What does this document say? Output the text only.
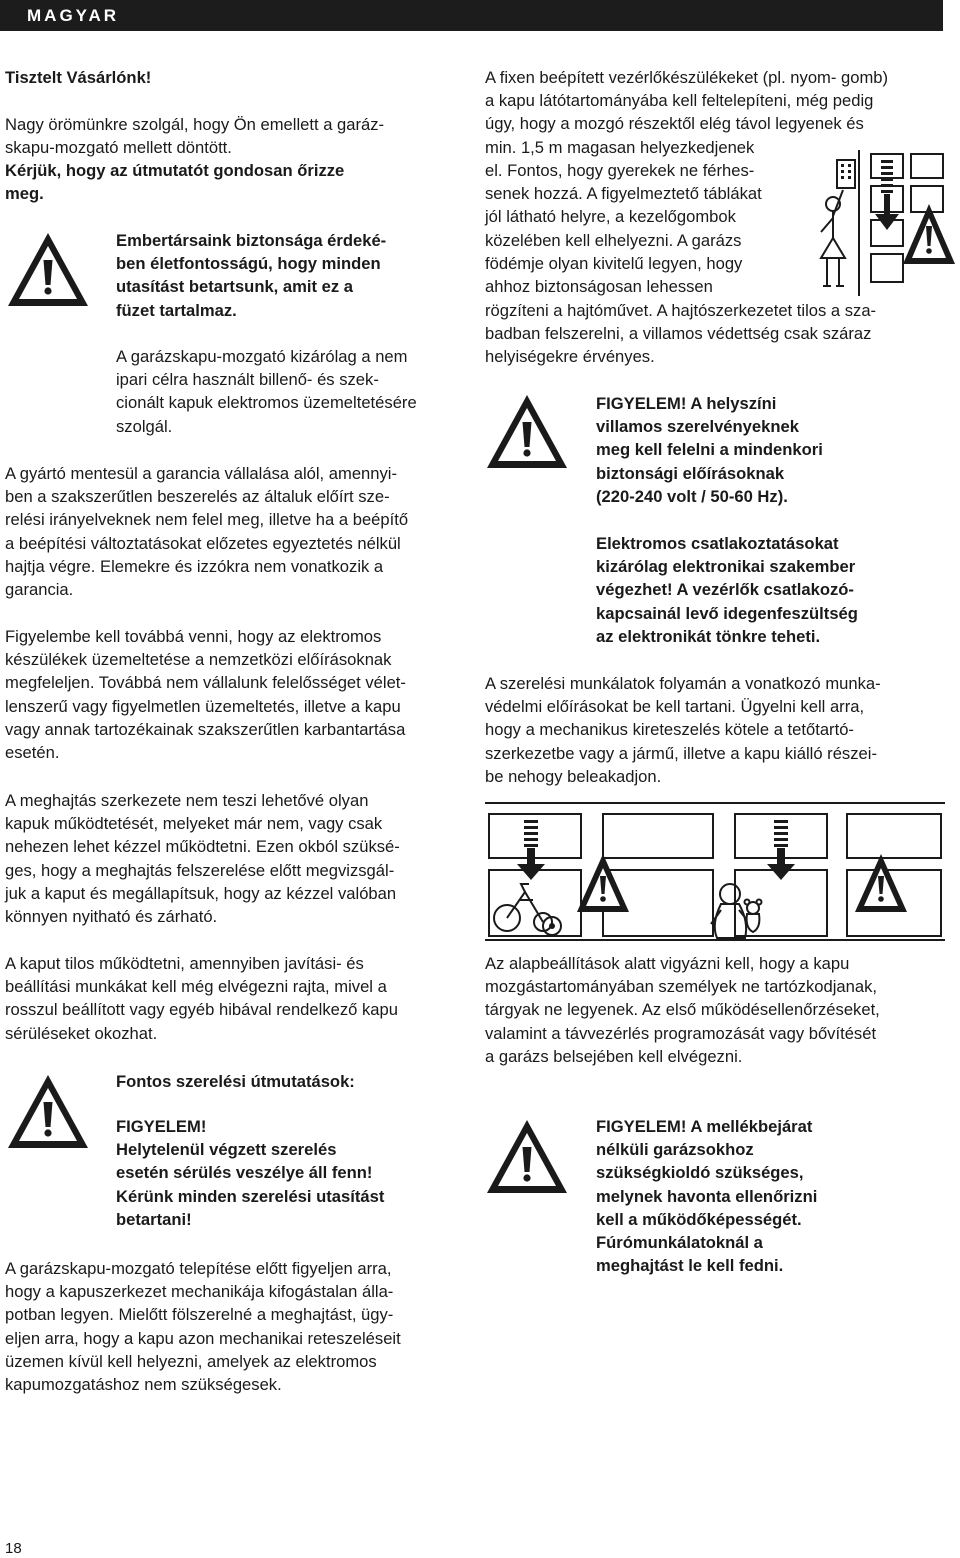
MAGYAR

Tisztelt Vásárlónk!

Nagy örömünkre szolgál, hogy Ön emellett a garáz-
skapu-mozgató mellett döntött.

Kérjük, hogy az útmutatót gondosan őrizze
meg.

Embertársaink biztonsága érdeké-
ben életfontosságú, hogy minden
utasítást betartsunk, amit ez a
füzet tartalmaz.

A garázskapu-mozgató kizárólag a nem
ipari célra használt billenő- és szek-
cionált kapuk elektromos üzemeltetésére
szolgál.

A gyártó mentesül a garancia vállalása alól, amennyi-
ben a szakszerűtlen beszerelés az általuk előírt sze-
relési irányelveknek nem felel meg, illetve ha a beépítő
a beépítési változtatásokat előzetes egyeztetés nélkül
hajtja végre. Elemekre és izzókra nem vonatkozik a
garancia.

Figyelembe kell továbbá venni, hogy az elektromos
készülékek üzemeltetése a nemzetközi előírásoknak
megfeleljen. Továbbá nem vállalunk felelősséget vélet-
lenszerű vagy figyelmetlen üzemeltetés, illetve a kapu
vagy annak tartozékainak szakszerűtlen karbantartása
esetén.

A meghajtás szerkezete nem teszi lehetővé olyan
kapuk működtetését, melyeket már nem, vagy csak
nehezen lehet kézzel működtetni. Ezen okból szüksé-
ges, hogy a meghajtás felszerelése előtt megvizsgál-
juk a kaput és megállapítsuk, hogy az kézzel valóban
könnyen nyitható és zárható.

A kaput tilos működtetni, amennyiben javítási- és
beállítási munkákat kell még elvégezni rajta, mivel a
rosszul beállított vagy egyéb hibával rendelkező kapu
sérüléseket okozhat.

Fontos szerelési útmutatások:

FIGYELEM!
Helytelenül végzett szerelés
esetén sérülés veszélye áll fenn!
Kérünk minden szerelési utasítást
betartani!

A garázskapu-mozgató telepítése előtt figyeljen arra,
hogy a kapuszerkezet mechanikája kifogástalan álla-
potban legyen. Mielőtt fölszerelné a meghajtást, ügy-
eljen arra, hogy a kapu azon mechanikai reteszeléseit
üzemen kívül kell helyezni, amelyek az elektromos
kapumozgatáshoz nem szükségesek.

A fixen beépített vezérlőkészülékeket (pl. nyom- gomb)
a kapu látótartományába kell feltelepíteni, még pedig
úgy, hogy a mozgó részektől elég távol legyenek és
min. 1,5 m magasan helyezkedjenek

el. Fontos, hogy gyerekek ne férhes-
senek hozzá. A figyelmeztető táblákat
jól látható helyre, a kezelőgombok
közelében kell elhelyezni. A garázs
födémje olyan kivitelű legyen, hogy
ahhoz biztonságosan lehessen

rögzíteni a hajtóművet. A hajtószerkezetet tilos a sza-
badban felszerelni, a villamos védettség csak száraz
helyiségekre érvényes.

FIGYELEM! A helyszíni
villamos szerelvényeknek
meg kell felelni a mindenkori
biztonsági előírásoknak
(220-240 volt / 50-60 Hz).

Elektromos csatlakoztatásokat
kizárólag elektronikai szakember
végezhet! A vezérlők csatlakozó-
kapcsainál levő idegenfeszültség
az elektronikát tönkre teheti.

A szerelési munkálatok folyamán a vonatkozó munka-
védelmi előírásokat be kell tartani. Ügyelni kell arra,
hogy a mechanikus kireteszelés kötele a tetőtartó-
szerkezetbe vagy a jármű, illetve a kapu kiálló részei-
be nehogy beleakadjon.

Az alapbeállítások alatt vigyázni kell, hogy a kapu
mozgástartományában személyek ne tartózkodjanak,
tárgyak ne legyenek. Az első működésellenőrzéseket,
valamint a távvezérlés programozását vagy bővítését
a garázs belsejében kell elvégezni.

FIGYELEM! A mellékbejárat
nélküli garázsokhoz
szükségkioldó szükséges,
melynek havonta ellenőrizni
kell a működőképességét.
Fúrómunkálatoknál a
meghajtást le kell fedni.

18
